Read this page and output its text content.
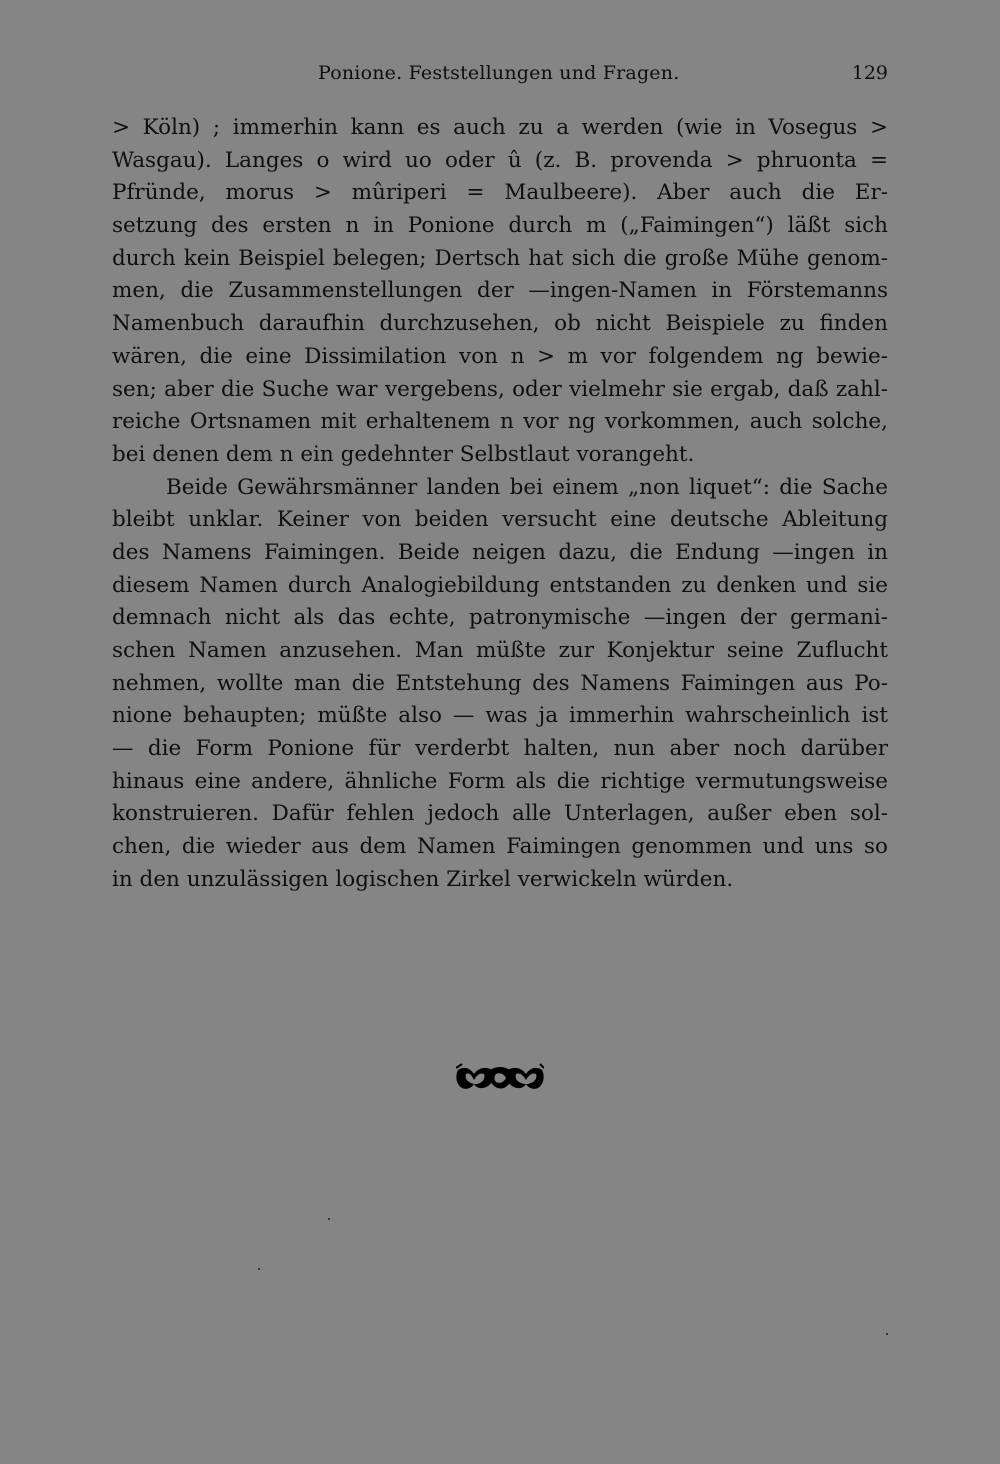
Ponione. Feststellungen und Fragen.	129
> Köln) ; immerhin kann es auch zu a werden (wie in Vosegus >
Wasgau). Langes o wird uo oder û (z. B. provenda > phruonta =
Pfründe, morus > mûriperi = Maulbeere). Aber auch die Er-
setzung des ersten n in Ponione durch m („Faimingen“) läßt sich
durch kein Beispiel belegen; Dertsch hat sich die große Mühe genom-
men, die Zusammenstellungen der —ingen-Namen in Förstemanns
Namenbuch daraufhin durchzusehen, ob nicht Beispiele zu finden
wären, die eine Dissimilation von n > m vor folgendem ng bewie-
sen; aber die Suche war vergebens, oder vielmehr sie ergab, daß zahl-
reiche Ortsnamen mit erhaltenem n vor ng vorkommen, auch solche,
bei denen dem n ein gedehnter Selbstlaut vorangeht.
Beide Gewährsmänner landen bei einem „non liquet“: die Sache
bleibt unklar. Keiner von beiden versucht eine deutsche Ableitung
des Namens Faimingen. Beide neigen dazu, die Endung —ingen in
diesem Namen durch Analogiebildung entstanden zu denken und sie
demnach nicht als das echte, patronymische —ingen der germani-
schen Namen anzusehen. Man müßte zur Konjektur seine Zuflucht
nehmen, wollte man die Entstehung des Namens Faimingen aus Po-
nione behaupten; müßte also — was ja immerhin wahrscheinlich ist
— die Form Ponione für verderbt halten, nun aber noch darüber
hinaus eine andere, ähnliche Form als die richtige vermutungsweise
konstruieren. Dafür fehlen jedoch alle Unterlagen, außer eben sol-
chen, die wieder aus dem Namen Faimingen genommen und uns so
in den unzulässigen logischen Zirkel verwickeln würden.
